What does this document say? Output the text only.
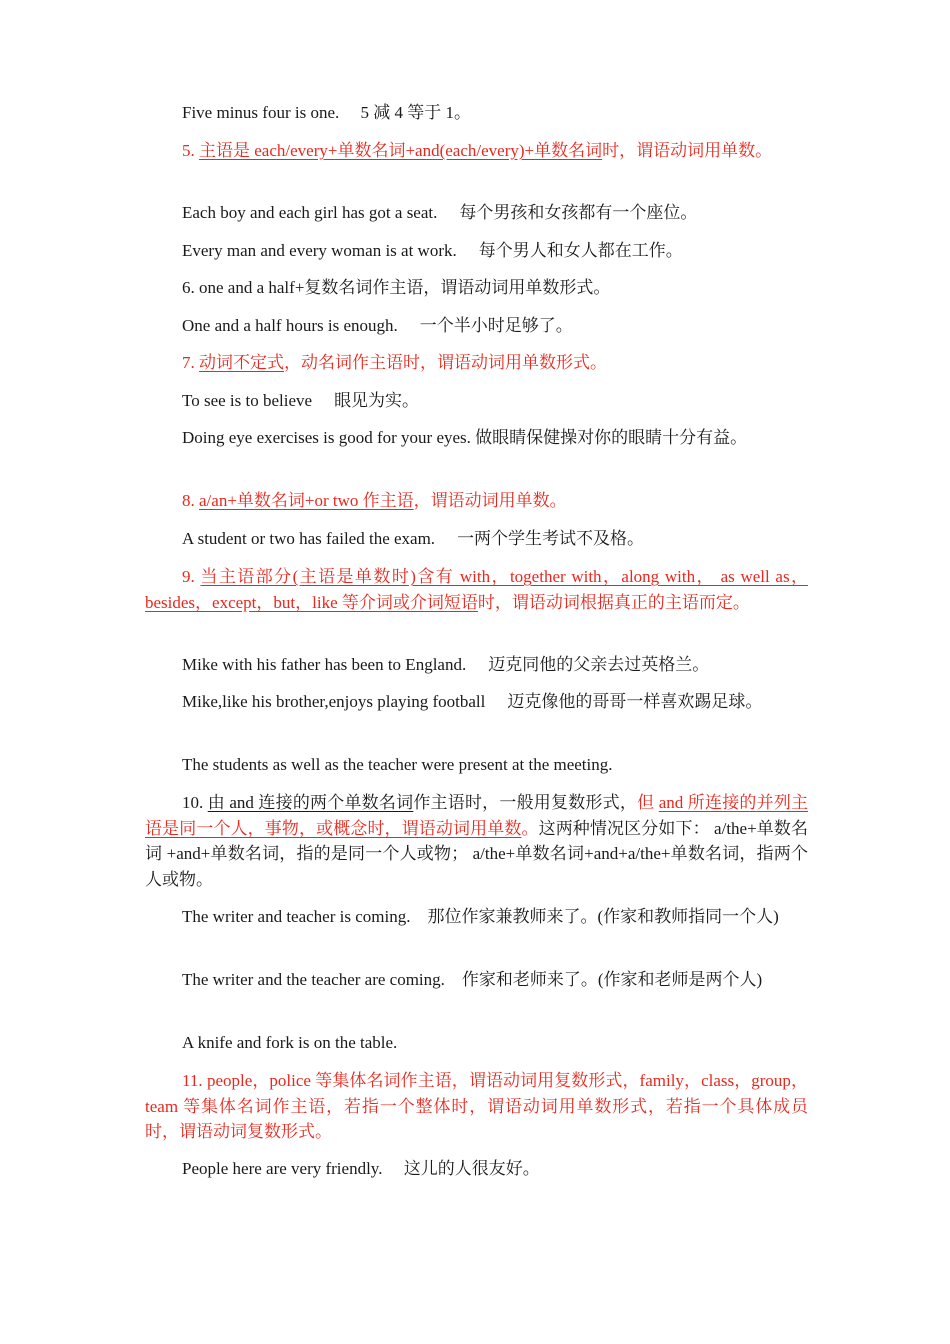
Five minus four is one.　 5 减 4 等于 1。

5. 主语是 each/every+单数名词+and(each/every)+单数名词时，谓语动词用单数。

Each boy and each girl has got a seat. 每个男孩和女孩都有一个座位。

Every man and every woman is at work. 每个男人和女人都在工作。

6. one and a half+复数名词作主语，谓语动词用单数形式。

One and a half hours is enough. 一个半小时足够了。

7. 动词不定式，动名词作主语时，谓语动词用单数形式。

To see is to believe 眼见为实。

Doing eye exercises is good for your eyes. 做眼睛保健操对你的眼睛十分有益。

8. a/an+单数名词+or two 作主语，谓语动词用单数。

A student or two has failed the exam. 一两个学生考试不及格。

9. 当主语部分(主语是单数时)含有 with，together with，along with， as well as，besides，except，but，like 等介词或介词短语时，谓语动词根据真正的主语而定。

Mike with his father has been to England. 迈克同他的父亲去过英格兰。

Mike,like his brother,enjoys playing football 迈克像他的哥哥一样喜欢踢足球。

The students as well as the teacher were present at the meeting.

10. 由 and 连接的两个单数名词作主语时，一般用复数形式，但 and 所连接的并列主语是同一个人，事物，或概念时，谓语动词用单数。这两种情况区分如下： a/the+单数名词 +and+单数名词，指的是同一个人或物； a/the+单数名词+and+a/the+单数名词，指两个人或物。

The writer and teacher is coming.　那位作家兼教师来了。(作家和教师指同一个人)

The writer and the teacher are coming.　作家和老师来了。(作家和老师是两个人)

A knife and fork is on the table.

11. people，police 等集体名词作主语，谓语动词用复数形式，family，class，group，team 等集体名词作主语，若指一个整体时，谓语动词用单数形式，若指一个具体成员时，谓语动词复数形式。

People here are very friendly.　 这儿的人很友好。
